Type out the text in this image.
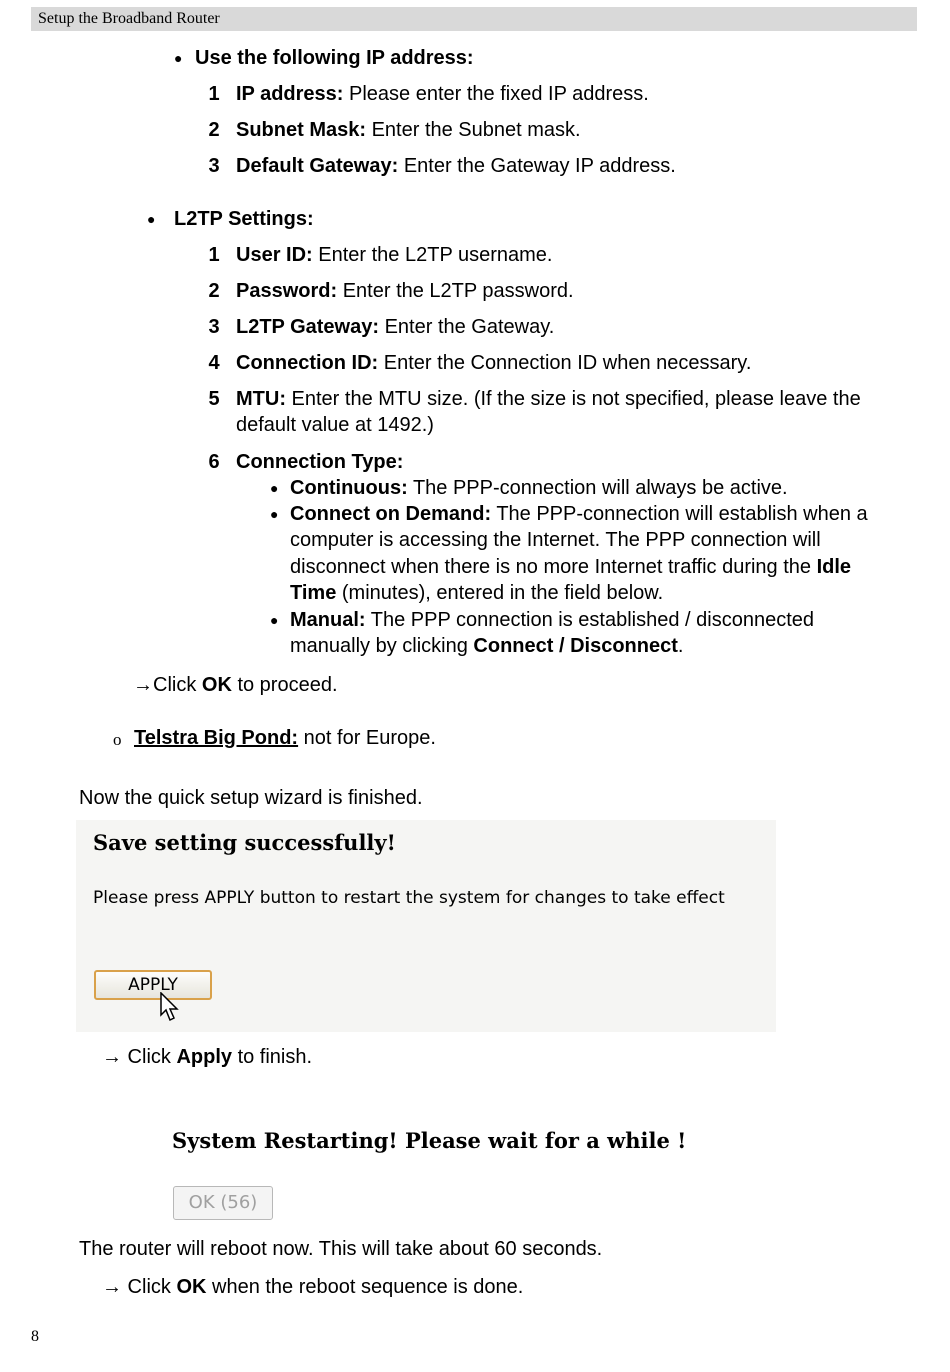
Setup the Broadband Router
● Use the following IP address:
1 IP address: Please enter the fixed IP address.
2 Subnet Mask: Enter the Subnet mask.
3 Default Gateway: Enter the Gateway IP address.
● L2TP Settings:
1 User ID: Enter the L2TP username.
2 Password: Enter the L2TP password.
3 L2TP Gateway: Enter the Gateway.
4 Connection ID: Enter the Connection ID when necessary.
5 MTU: Enter the MTU size. (If the size is not specified, please leave the
default value at 1492.)
6 Connection Type:
● Continuous: The PPP-connection will always be active.
● Connect on Demand: The PPP-connection will establish when a
computer is accessing the Internet. The PPP connection will
disconnect when there is no more Internet traffic during the Idle
Time (minutes), entered in the field below.
● Manual: The PPP connection is established / disconnected
manually by clicking Connect / Disconnect.
→Click OK to proceed.
o Telstra Big Pond: not for Europe.
Now the quick setup wizard is finished.
Save setting successfully!
Please press APPLY button to restart the system for changes to take effect
APPLY
→ Click Apply to finish.
System Restarting! Please wait for a while !
OK (56)
The router will reboot now. This will take about 60 seconds.
→ Click OK when the reboot sequence is done.
8
